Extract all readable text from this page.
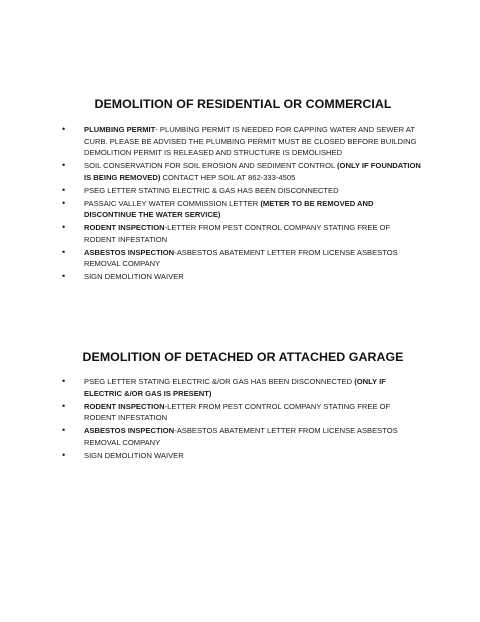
DEMOLITION OF RESIDENTIAL OR COMMERCIAL
• PLUMBING PERMIT- PLUMBING PERMIT IS NEEDED FOR CAPPING WATER AND SEWER AT CURB. PLEASE BE ADVISED THE PLUMBING PERMIT MUST BE CLOSED BEFORE BUILDING DEMOLITION PERMIT IS RELEASED AND STRUCTURE IS DEMOLISHED
• SOIL CONSERVATION FOR SOIL EROSION AND SEDIMENT CONTROL (ONLY IF FOUNDATION IS BEING REMOVED) CONTACT HEP SOIL AT 862-333-4505
• PSEG LETTER STATING ELECTRIC & GAS HAS BEEN DISCONNECTED
• PASSAIC VALLEY WATER COMMISSION LETTER (METER TO BE REMOVED AND DISCONTINUE THE WATER SERVICE)
• RODENT INSPECTION-LETTER FROM PEST CONTROL COMPANY STATING FREE OF RODENT INFESTATION
• ASBESTOS INSPECTION-ASBESTOS ABATEMENT LETTER FROM LICENSE ASBESTOS REMOVAL COMPANY
• SIGN DEMOLITION WAIVER
DEMOLITION OF DETACHED OR ATTACHED GARAGE
• PSEG LETTER STATING ELECTRIC &/OR GAS HAS BEEN DISCONNECTED (ONLY IF ELECTRIC &/OR GAS IS PRESENT)
• RODENT INSPECTION-LETTER FROM PEST CONTROL COMPANY STATING FREE OF RODENT INFESTATION
• ASBESTOS INSPECTION-ASBESTOS ABATEMENT LETTER FROM LICENSE ASBESTOS REMOVAL COMPANY
• SIGN DEMOLITION WAIVER
